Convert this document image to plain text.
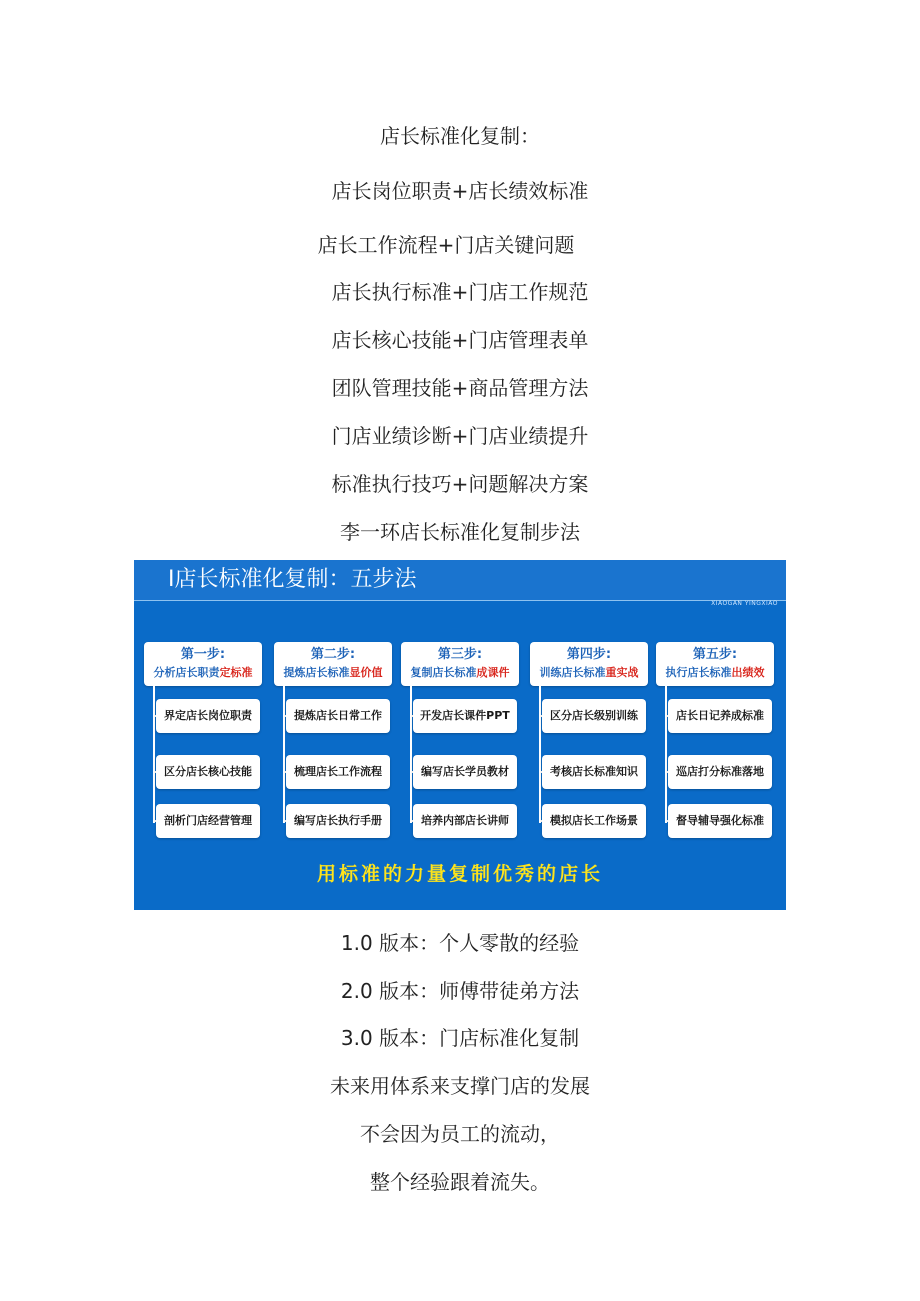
店长标准化复制：
店长岗位职责+店长绩效标准
店长工作流程+门店关键问题
店长执行标准+门店工作规范
店长核心技能+门店管理表单
团队管理技能+商品管理方法
门店业绩诊断+门店业绩提升
标准执行技巧+问题解决方案
李一环店长标准化复制步法
I店长标准化复制：五步法
XIAOGAN YINGXIAO
第一步:
分析店长职责定标准
界定店长岗位职责
区分店长核心技能
剖析门店经营管理
第二步:
提炼店长标准显价值
提炼店长日常工作
梳理店长工作流程
编写店长执行手册
第三步:
复制店长标准成课件
开发店长课件PPT
编写店长学员教材
培养内部店长讲师
第四步:
训练店长标准重实战
区分店长级别训练
考核店长标准知识
模拟店长工作场景
第五步:
执行店长标准出绩效
店长日记养成标准
巡店打分标准落地
督导辅导强化标准
用标准的力量复制优秀的店长
1.0 版本：个人零散的经验
2.0 版本：师傅带徒弟方法
3.0 版本：门店标准化复制
未来用体系来支撑门店的发展
不会因为员工的流动，
整个经验跟着流失。
